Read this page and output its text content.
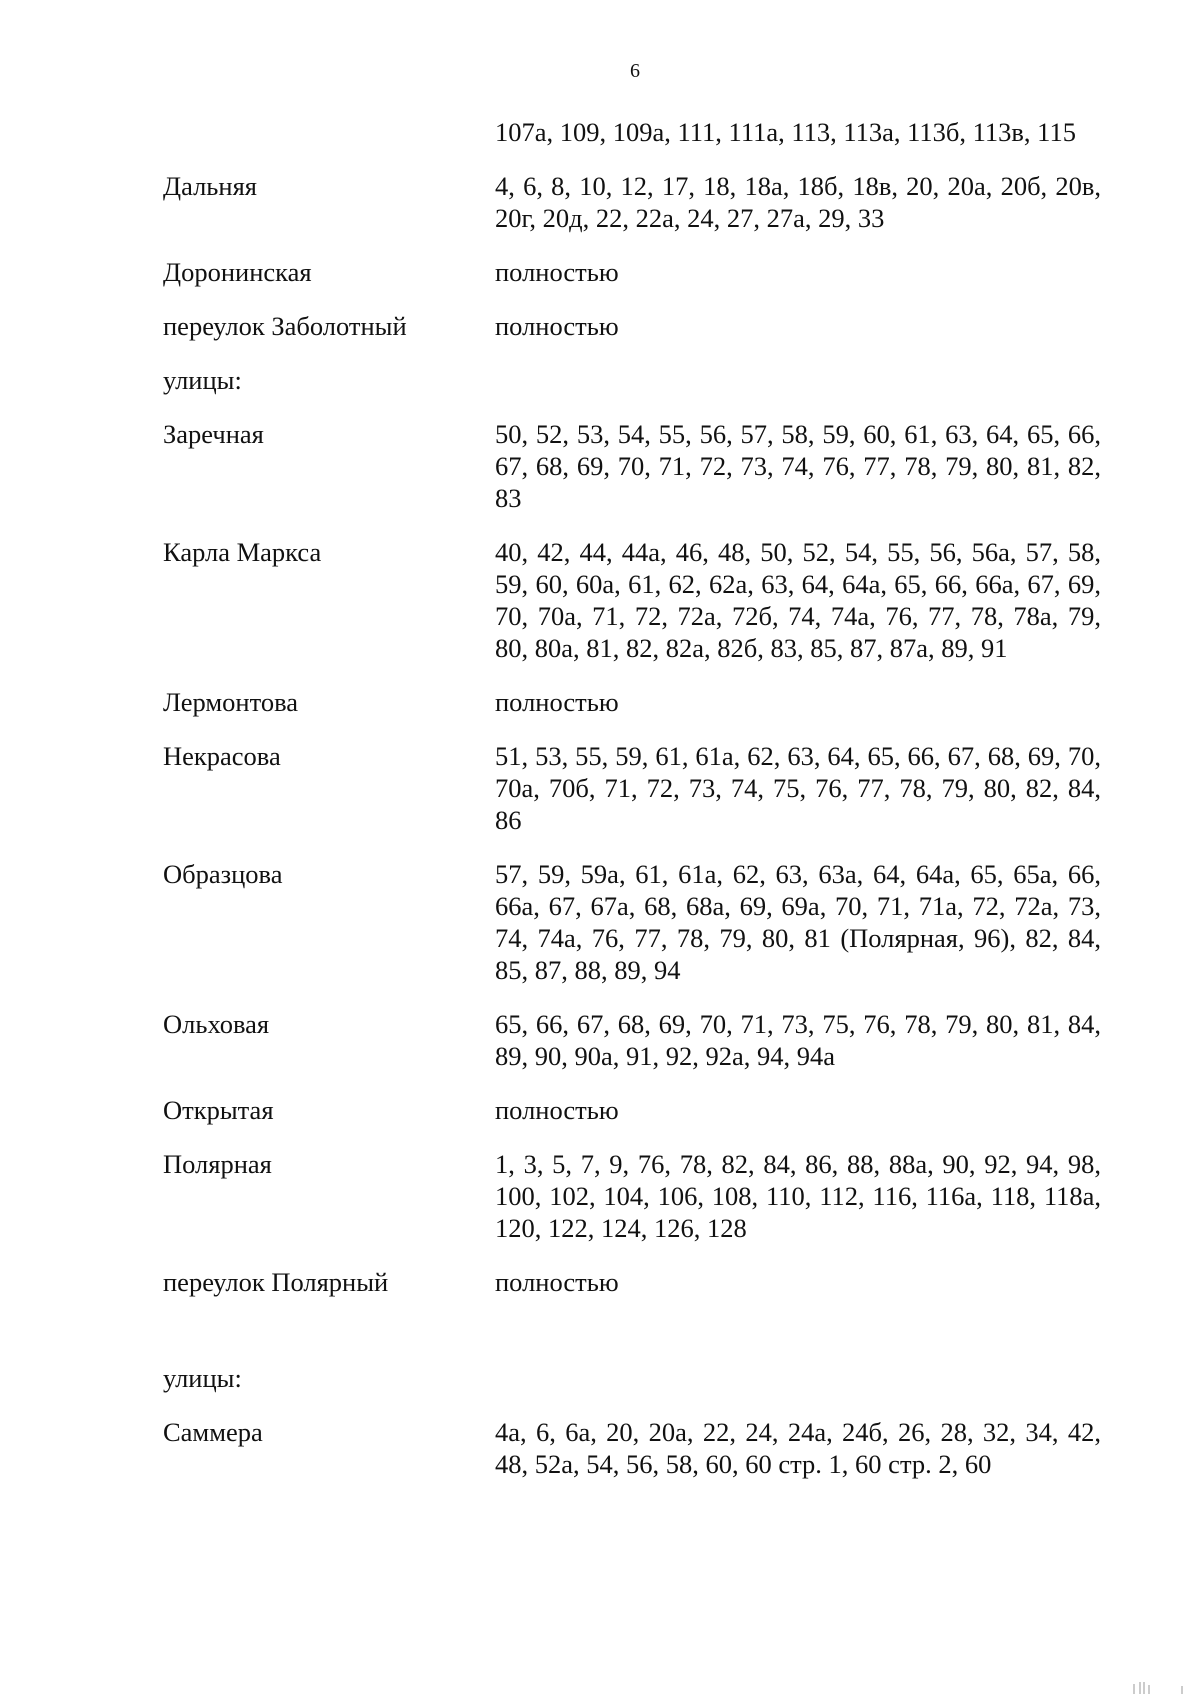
6
107а, 109, 109а, 111, 111а, 113, 113а, 113б, 113в, 115
Дальняя	4, 6, 8, 10, 12, 17, 18, 18а, 18б, 18в, 20, 20а, 20б, 20в, 20г, 20д, 22, 22а, 24, 27, 27а, 29, 33
Доронинская	полностью
переулок Заболотный	полностью
улицы:
Заречная	50, 52, 53, 54, 55, 56, 57, 58, 59, 60, 61, 63, 64, 65, 66, 67, 68, 69, 70, 71, 72, 73, 74, 76, 77, 78, 79, 80, 81, 82, 83
Карла Маркса	40, 42, 44, 44а, 46, 48, 50, 52, 54, 55, 56, 56а, 57, 58, 59, 60, 60а, 61, 62, 62а, 63, 64, 64а, 65, 66, 66а, 67, 69, 70, 70а, 71, 72, 72а, 72б, 74, 74а, 76, 77, 78, 78а, 79, 80, 80а, 81, 82, 82а, 82б, 83, 85, 87, 87а, 89, 91
Лермонтова	полностью
Некрасова	51, 53, 55, 59, 61, 61а, 62, 63, 64, 65, 66, 67, 68, 69, 70, 70а, 70б, 71, 72, 73, 74, 75, 76, 77, 78, 79, 80, 82, 84, 86
Образцова	57, 59, 59а, 61, 61а, 62, 63, 63а, 64, 64а, 65, 65а, 66, 66а, 67, 67а, 68, 68а, 69, 69а, 70, 71, 71а, 72, 72а, 73, 74, 74а, 76, 77, 78, 79, 80, 81 (Полярная, 96), 82, 84, 85, 87, 88, 89, 94
Ольховая	65, 66, 67, 68, 69, 70, 71, 73, 75, 76, 78, 79, 80, 81, 84, 89, 90, 90а, 91, 92, 92а, 94, 94а
Открытая	полностью
Полярная	1, 3, 5, 7, 9, 76, 78, 82, 84, 86, 88, 88а, 90, 92, 94, 98, 100, 102, 104, 106, 108, 110, 112, 116, 116а, 118, 118а, 120, 122, 124, 126, 128
переулок Полярный	полностью
улицы:
Саммера	4а, 6, 6а, 20, 20а, 22, 24, 24а, 24б, 26, 28, 32, 34, 42, 48, 52а, 54, 56, 58, 60, 60 стр. 1, 60 стр. 2, 60
